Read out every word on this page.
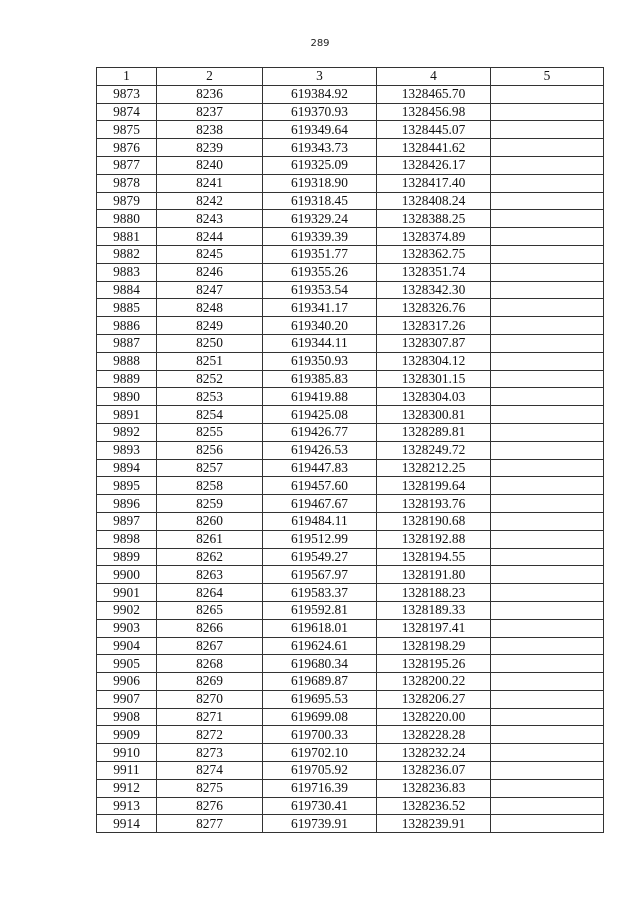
289
1	2	3	4	5
9873	8236	619384.92	1328465.70	
9874	8237	619370.93	1328456.98	
9875	8238	619349.64	1328445.07	
9876	8239	619343.73	1328441.62	
9877	8240	619325.09	1328426.17	
9878	8241	619318.90	1328417.40	
9879	8242	619318.45	1328408.24	
9880	8243	619329.24	1328388.25	
9881	8244	619339.39	1328374.89	
9882	8245	619351.77	1328362.75	
9883	8246	619355.26	1328351.74	
9884	8247	619353.54	1328342.30	
9885	8248	619341.17	1328326.76	
9886	8249	619340.20	1328317.26	
9887	8250	619344.11	1328307.87	
9888	8251	619350.93	1328304.12	
9889	8252	619385.83	1328301.15	
9890	8253	619419.88	1328304.03	
9891	8254	619425.08	1328300.81	
9892	8255	619426.77	1328289.81	
9893	8256	619426.53	1328249.72	
9894	8257	619447.83	1328212.25	
9895	8258	619457.60	1328199.64	
9896	8259	619467.67	1328193.76	
9897	8260	619484.11	1328190.68	
9898	8261	619512.99	1328192.88	
9899	8262	619549.27	1328194.55	
9900	8263	619567.97	1328191.80	
9901	8264	619583.37	1328188.23	
9902	8265	619592.81	1328189.33	
9903	8266	619618.01	1328197.41	
9904	8267	619624.61	1328198.29	
9905	8268	619680.34	1328195.26	
9906	8269	619689.87	1328200.22	
9907	8270	619695.53	1328206.27	
9908	8271	619699.08	1328220.00	
9909	8272	619700.33	1328228.28	
9910	8273	619702.10	1328232.24	
9911	8274	619705.92	1328236.07	
9912	8275	619716.39	1328236.83	
9913	8276	619730.41	1328236.52	
9914	8277	619739.91	1328239.91	
